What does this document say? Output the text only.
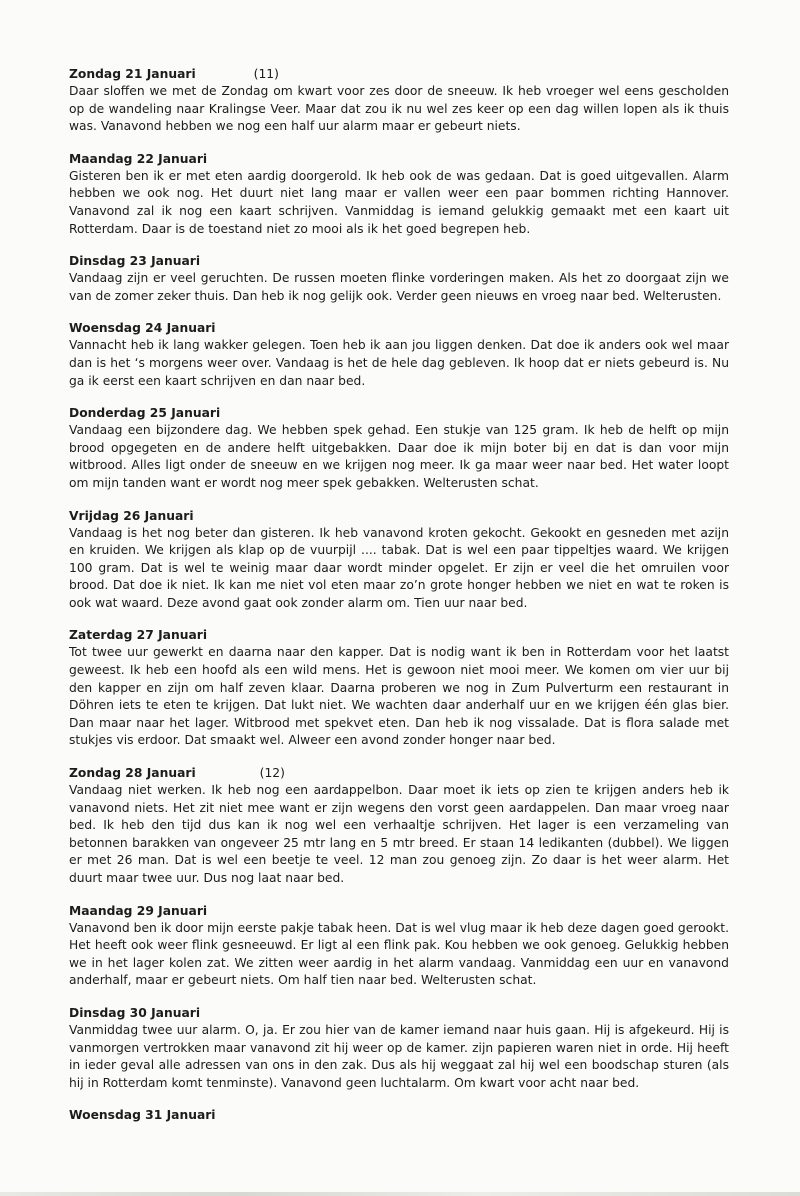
Zondag 21 Januari	(11)

Daar sloffen we met de Zondag om kwart voor zes door de sneeuw. Ik heb vroeger wel eens gescholden op de wandeling naar Kralingse Veer. Maar dat zou ik nu wel zes keer op een dag willen lopen als ik thuis was. Vanavond hebben we nog een half uur alarm maar er gebeurt niets.

Maandag 22 Januari

Gisteren ben ik er met eten aardig doorgerold. Ik heb ook de was gedaan. Dat is goed uitgevallen. Alarm hebben we ook nog. Het duurt niet lang maar er vallen weer een paar bommen richting Hannover. Vanavond zal ik nog een kaart schrijven. Vanmiddag is iemand gelukkig gemaakt met een kaart uit Rotterdam. Daar is de toestand niet zo mooi als ik het goed begrepen heb.

Dinsdag 23 Januari

Vandaag zijn er veel geruchten. De russen moeten flinke vorderingen maken. Als het zo doorgaat zijn we van de zomer zeker thuis. Dan heb ik nog gelijk ook. Verder geen nieuws en vroeg naar bed. Welterusten.

Woensdag 24 Januari

Vannacht heb ik lang wakker gelegen. Toen heb ik aan jou liggen denken. Dat doe ik anders ook wel maar dan is het ‘s morgens weer over. Vandaag is het de hele dag gebleven. Ik hoop dat er niets gebeurd is. Nu ga ik eerst een kaart schrijven en dan naar bed.

Donderdag 25 Januari

Vandaag een bijzondere dag. We hebben spek gehad. Een stukje van 125 gram. Ik heb de helft op mijn brood opgegeten en de andere helft uitgebakken. Daar doe ik mijn boter bij en dat is dan voor mijn witbrood. Alles ligt onder de sneeuw en we krijgen nog meer. Ik ga maar weer naar bed. Het water loopt om mijn tanden want er wordt nog meer spek gebakken. Welterusten schat.

Vrijdag 26 Januari

Vandaag is het nog beter dan gisteren. Ik heb vanavond kroten gekocht. Gekookt en gesneden met azijn en kruiden. We krijgen als klap op de vuurpijl .... tabak. Dat is wel een paar tippeltjes waard. We krijgen 100 gram. Dat is wel te weinig maar daar wordt minder opgelet. Er zijn er veel die het omruilen voor brood. Dat doe ik niet. Ik kan me niet vol eten maar zo’n grote honger hebben we niet en wat te roken is ook wat waard. Deze avond gaat ook zonder alarm om. Tien uur naar bed.

Zaterdag 27 Januari

Tot twee uur gewerkt en daarna naar den kapper. Dat is nodig want ik ben in Rotterdam voor het laatst geweest. Ik heb een hoofd als een wild mens. Het is gewoon niet mooi meer. We komen om vier uur bij den kapper en zijn om half zeven klaar. Daarna proberen we nog in Zum Pulverturm een restaurant in Döhren iets te eten te krijgen. Dat lukt niet. We wachten daar anderhalf uur en we krijgen één glas bier. Dan maar naar het lager. Witbrood met spekvet eten. Dan heb ik nog vissalade. Dat is flora salade met stukjes vis erdoor. Dat smaakt wel. Alweer een avond zonder honger naar bed.

Zondag 28 Januari	(12)

Vandaag niet werken. Ik heb nog een aardappelbon. Daar moet ik iets op zien te krijgen anders heb ik vanavond niets. Het zit niet mee want er zijn wegens den vorst geen aardappelen. Dan maar vroeg naar bed. Ik heb den tijd dus kan ik nog wel een verhaaltje schrijven. Het lager is een verzameling van betonnen barakken van ongeveer 25 mtr lang en 5 mtr breed. Er staan 14 ledikanten (dubbel). We liggen er met 26 man. Dat is wel een beetje te veel. 12 man zou genoeg zijn. Zo daar is het weer alarm. Het duurt maar twee uur. Dus nog laat naar bed.

Maandag 29 Januari

Vanavond ben ik door mijn eerste pakje tabak heen. Dat is wel vlug maar ik heb deze dagen goed gerookt. Het heeft ook weer flink gesneeuwd. Er ligt al een flink pak. Kou hebben we ook genoeg. Gelukkig hebben we in het lager kolen zat. We zitten weer aardig in het alarm vandaag. Vanmiddag een uur en vanavond anderhalf, maar er gebeurt niets. Om half tien naar bed. Welterusten schat.

Dinsdag 30 Januari

Vanmiddag twee uur alarm. O, ja. Er zou hier van de kamer iemand naar huis gaan. Hij is afgekeurd. Hij is vanmorgen vertrokken maar vanavond zit hij weer op de kamer. zijn papieren waren niet in orde. Hij heeft in ieder geval alle adressen van ons in den zak. Dus als hij weggaat zal hij wel een boodschap sturen (als hij in Rotterdam komt tenminste). Vanavond geen luchtalarm. Om kwart voor acht naar bed.

Woensdag 31 Januari
